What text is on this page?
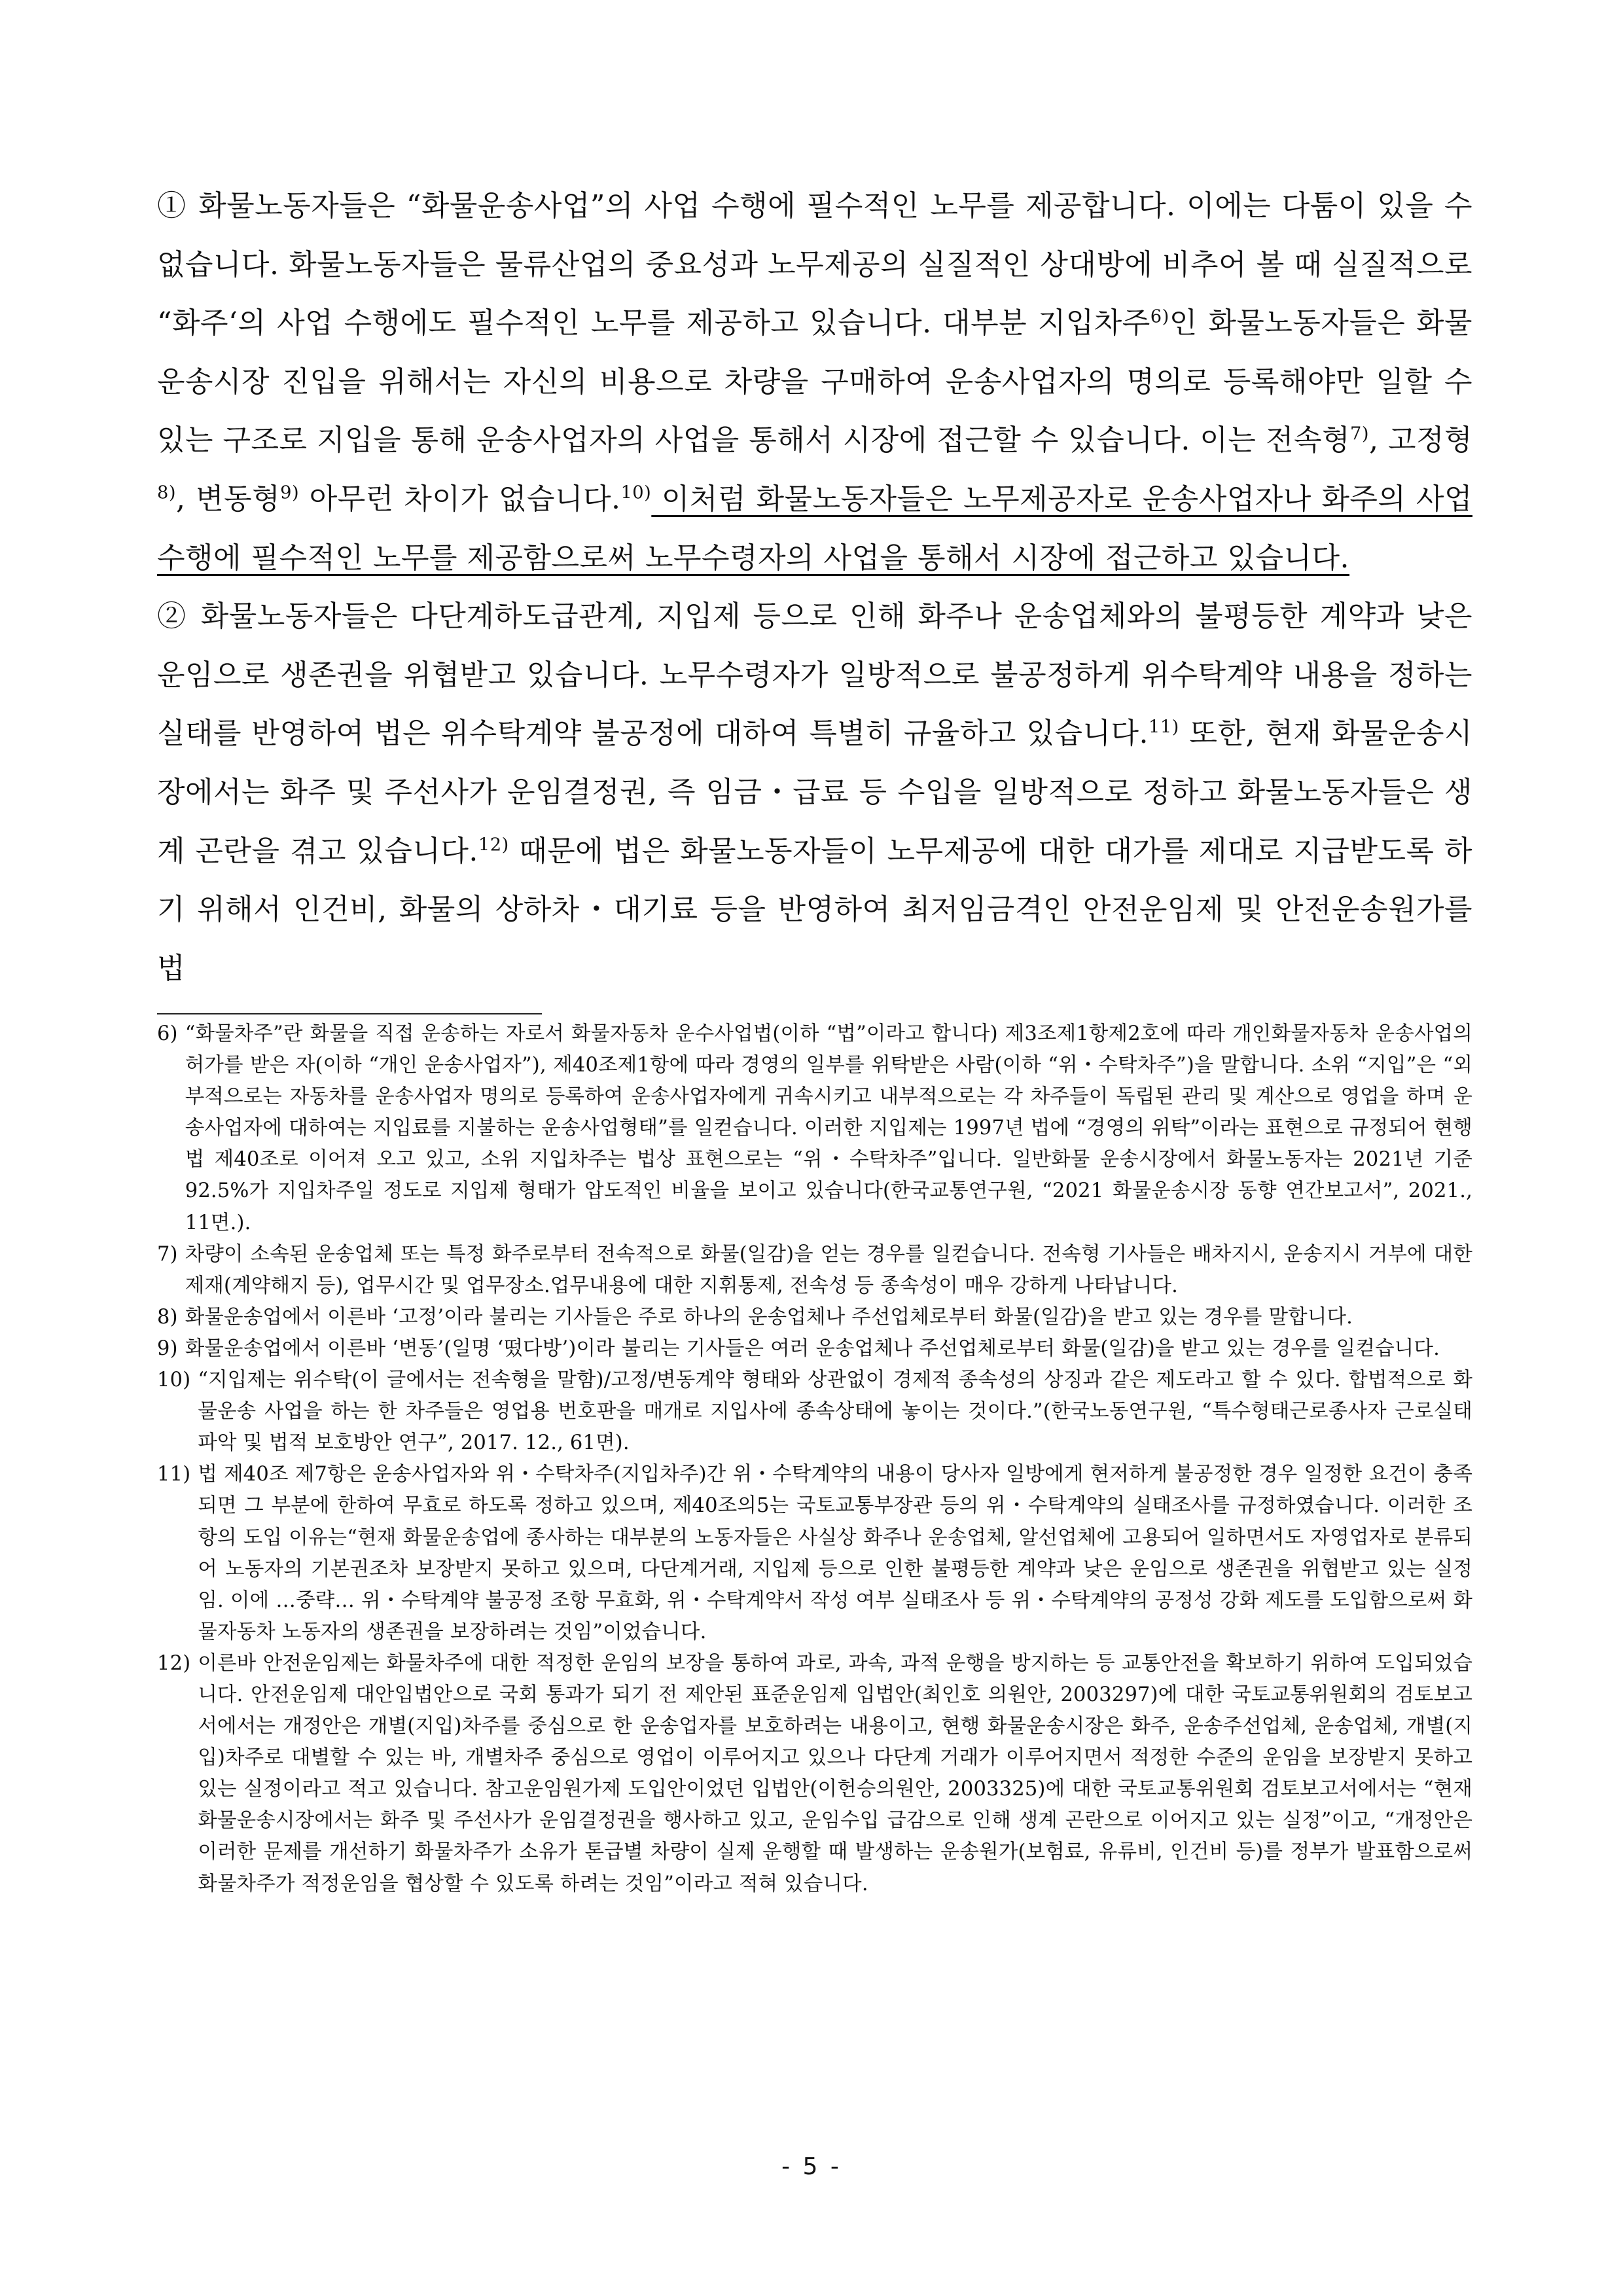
① 화물노동자들은 “화물운송사업”의 사업 수행에 필수적인 노무를 제공합니다. 이에는 다툼이 있을 수 없습니다. 화물노동자들은 물류산업의 중요성과 노무제공의 실질적인 상대방에 비추어 볼 때 실질적으로 “화주‘의 사업 수행에도 필수적인 노무를 제공하고 있습니다. 대부분 지입차주$^{6)}$인 화물노동자들은 화물운송시장 진입을 위해서는 자신의 비용으로 차량을 구매하여 운송사업자의 명의로 등록해야만 일할 수 있는 구조로 지입을 통해 운송사업자의 사업을 통해서 시장에 접근할 수 있습니다. 이는 전속형$^{7)}$, 고정형$^{8)}$, 변동형$^{9)}$ 아무런 차이가 없습니다.$^{10)}$ 이처럼 화물노동자들은 노무제공자로 운송사업자나 화주의 사업 수행에 필수적인 노무를 제공함으로써 노무수령자의 사업을 통해서 시장에 접근하고 있습니다.

② 화물노동자들은 다단계하도급관계, 지입제 등으로 인해 화주나 운송업체와의 불평등한 계약과 낮은 운임으로 생존권을 위협받고 있습니다. 노무수령자가 일방적으로 불공정하게 위수탁계약 내용을 정하는 실태를 반영하여 법은 위수탁계약 불공정에 대하여 특별히 규율하고 있습니다.$^{11)}$ 또한, 현재 화물운송시장에서는 화주 및 주선사가 운임결정권, 즉 임금・급료 등 수입을 일방적으로 정하고 화물노동자들은 생계 곤란을 겪고 있습니다.$^{12)}$ 때문에 법은 화물노동자들이 노무제공에 대한 대가를 제대로 지급받도록 하기 위해서 인건비, 화물의 상하차・대기료 등을 반영하여 최저임금격인 안전운임제 및 안전운송원가를 법

6) “화물차주”란 화물을 직접 운송하는 자로서 화물자동차 운수사업법(이하 “법”이라고 합니다) 제3조제1항제2호에 따라 개인화물자동차 운송사업의 허가를 받은 자(이하 “개인 운송사업자”), 제40조제1항에 따라 경영의 일부를 위탁받은 사람(이하 “위・수탁차주”)을 말합니다. 소위 “지입”은 “외부적으로는 자동차를 운송사업자 명의로 등록하여 운송사업자에게 귀속시키고 내부적으로는 각 차주들이 독립된 관리 및 계산으로 영업을 하며 운송사업자에 대하여는 지입료를 지불하는 운송사업형태”를 일컫습니다. 이러한 지입제는 1997년 법에 “경영의 위탁”이라는 표현으로 규정되어 현행법 제40조로 이어져 오고 있고, 소위 지입차주는 법상 표현으로는 “위・수탁차주”입니다. 일반화물 운송시장에서 화물노동자는 2021년 기준 92.5%가 지입차주일 정도로 지입제 형태가 압도적인 비율을 보이고 있습니다(한국교통연구원, “2021 화물운송시장 동향 연간보고서”, 2021., 11면.).
7) 차량이 소속된 운송업체 또는 특정 화주로부터 전속적으로 화물(일감)을 얻는 경우를 일컫습니다. 전속형 기사들은 배차지시, 운송지시 거부에 대한 제재(계약해지 등), 업무시간 및 업무장소.업무내용에 대한 지휘통제, 전속성 등 종속성이 매우 강하게 나타납니다.
8) 화물운송업에서 이른바 ‘고정’이라 불리는 기사들은 주로 하나의 운송업체나 주선업체로부터 화물(일감)을 받고 있는 경우를 말합니다.
9) 화물운송업에서 이른바 ‘변동’(일명 ‘떴다방’)이라 불리는 기사들은 여러 운송업체나 주선업체로부터 화물(일감)을 받고 있는 경우를 일컫습니다.
10) “지입제는 위수탁(이 글에서는 전속형을 말함)/고정/변동계약 형태와 상관없이 경제적 종속성의 상징과 같은 제도라고 할 수 있다. 합법적으로 화물운송 사업을 하는 한 차주들은 영업용 번호판을 매개로 지입사에 종속상태에 놓이는 것이다.”(한국노동연구원, “특수형태근로종사자 근로실태 파악 및 법적 보호방안 연구”, 2017. 12., 61면).
11) 법 제40조 제7항은 운송사업자와 위・수탁차주(지입차주)간 위・수탁계약의 내용이 당사자 일방에게 현저하게 불공정한 경우 일정한 요건이 충족되면 그 부분에 한하여 무효로 하도록 정하고 있으며, 제40조의5는 국토교통부장관 등의 위・수탁계약의 실태조사를 규정하였습니다. 이러한 조항의 도입 이유는“현재 화물운송업에 종사하는 대부분의 노동자들은 사실상 화주나 운송업체, 알선업체에 고용되어 일하면서도 자영업자로 분류되어 노동자의 기본권조차 보장받지 못하고 있으며, 다단계거래, 지입제 등으로 인한 불평등한 계약과 낮은 운임으로 생존권을 위협받고 있는 실정임. 이에 …중략… 위・수탁계약 불공정 조항 무효화, 위・수탁계약서 작성 여부 실태조사 등 위・수탁계약의 공정성 강화 제도를 도입함으로써 화물자동차 노동자의 생존권을 보장하려는 것임”이었습니다.
12) 이른바 안전운임제는 화물차주에 대한 적정한 운임의 보장을 통하여 과로, 과속, 과적 운행을 방지하는 등 교통안전을 확보하기 위하여 도입되었습니다. 안전운임제 대안입법안으로 국회 통과가 되기 전 제안된 표준운임제 입법안(최인호 의원안, 2003297)에 대한 국토교통위원회의 검토보고서에서는 개정안은 개별(지입)차주를 중심으로 한 운송업자를 보호하려는 내용이고, 현행 화물운송시장은 화주, 운송주선업체, 운송업체, 개별(지입)차주로 대별할 수 있는 바, 개별차주 중심으로 영업이 이루어지고 있으나 다단계 거래가 이루어지면서 적정한 수준의 운임을 보장받지 못하고 있는 실정이라고 적고 있습니다. 참고운임원가제 도입안이었던 입법안(이헌승의원안, 2003325)에 대한 국토교통위원회 검토보고서에서는 “현재 화물운송시장에서는 화주 및 주선사가 운임결정권을 행사하고 있고, 운임수입 급감으로 인해 생계 곤란으로 이어지고 있는 실정”이고, “개정안은 이러한 문제를 개선하기 화물차주가 소유가 톤급별 차량이 실제 운행할 때 발생하는 운송원가(보험료, 유류비, 인건비 등)를 정부가 발표함으로써 화물차주가 적정운임을 협상할 수 있도록 하려는 것임”이라고 적혀 있습니다.
- 5 -
